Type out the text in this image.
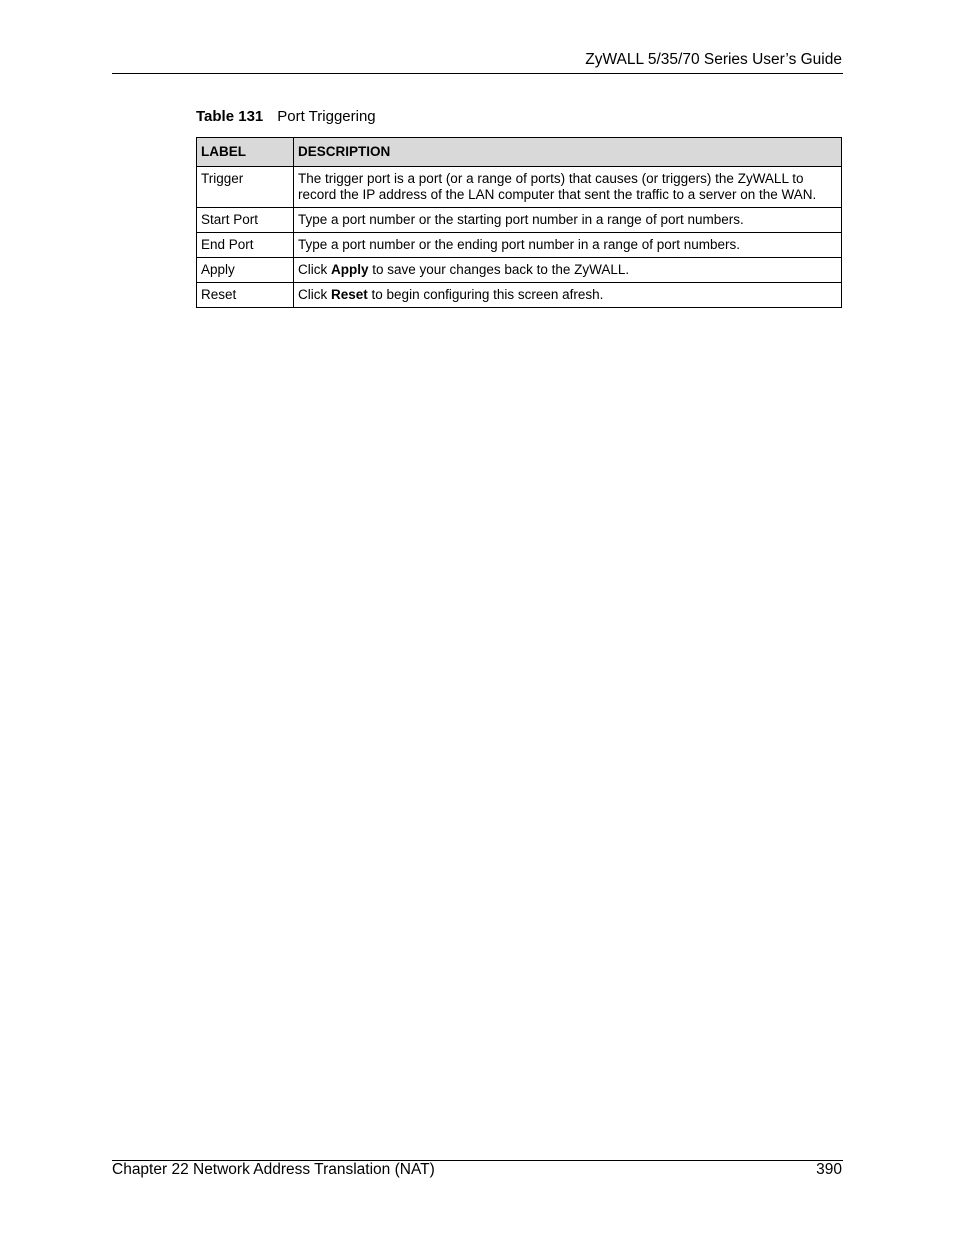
ZyWALL 5/35/70 Series User’s Guide
Table 131 Port Triggering
LABEL	DESCRIPTION
Trigger	The trigger port is a port (or a range of ports) that causes (or triggers) the ZyWALL to record the IP address of the LAN computer that sent the traffic to a server on the WAN.
Start Port	Type a port number or the starting port number in a range of port numbers.
End Port	Type a port number or the ending port number in a range of port numbers.
Apply	Click Apply to save your changes back to the ZyWALL.
Reset	Click Reset to begin configuring this screen afresh.
Chapter 22 Network Address Translation (NAT)	390
